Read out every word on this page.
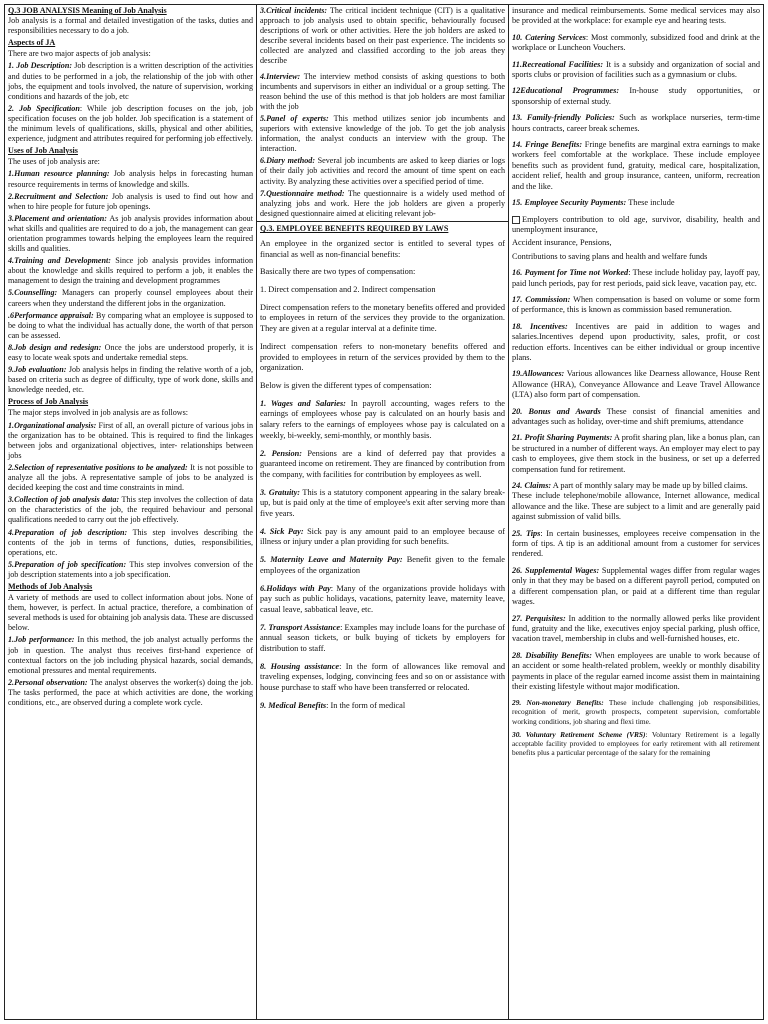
Q.3 JOB ANALYSIS Meaning of Job Analysis

Job analysis is a formal and detailed investigation of the tasks, duties and responsibilities necessary to do a job.

Aspects of JA

There are two major aspects of job analysis:

1. Job Description: Job description is a written description of the activities and duties to be performed in a job, the relationship of the job with other jobs, the equipment and tools involved, the nature of supervision, working conditions and hazards of the job, etc

2. Job Specification: While job description focuses on the job, job specification focuses on the job holder. Job specification is a statement of the minimum levels of qualifications, skills, physical and other abilities, experience, judgment and attributes required for performing job effectively.

Uses of Job Analysis

The uses of job analysis are:

1.Human resource planning: Job analysis helps in forecasting human resource requirements in terms of knowledge and skills.

2.Recruitment and Selection: Job analysis is used to find out how and when to hire people for future job openings.

3.Placement and orientation: As job analysis provides information about what skills and qualities are required to do a job, the management can gear orientation programmes towards helping the employees learn the required skills and qualities.

4.Training and Development: Since job analysis provides information about the knowledge and skills required to perform a job, it enables the management to design the training and development programmes

5.Counselling: Managers can properly counsel employees about their careers when they understand the different jobs in the organization.

.6Performance appraisal: By comparing what an employee is supposed to be doing to what the individual has actually done, the worth of that person can be assessed.

8.Job design and redesign: Once the jobs are understood properly, it is easy to locate weak spots and undertake remedial steps.

9.Job evaluation: Job analysis helps in finding the relative worth of a job, based on criteria such as degree of difficulty, type of work done, skills and knowledge needed, etc.

Process of Job Analysis

The major steps involved in job analysis are as follows:

1.Organizational analysis: First of all, an overall picture of various jobs in the organization has to be obtained. This is required to find the linkages between jobs and organizational objectives, inter- relationships between jobs

2.Selection of representative positions to be analyzed: It is not possible to analyze all the jobs. A representative sample of jobs to be analyzed is decided keeping the cost and time constraints in mind.

3.Collection of job analysis data: This step involves the collection of data on the characteristics of the job, the required behaviour and personal qualifications needed to carry out the job effectively.

4.Preparation of job description: This step involves describing the contents of the job in terms of functions, duties, responsibilities, operations, etc.

5.Preparation of job specification: This step involves conversion of the job description statements into a job specification.

Methods of Job Analysis

A variety of methods are used to collect information about jobs. None of them, however, is perfect. In actual practice, therefore, a combination of several methods is used for obtaining job analysis data. These are discussed below.

1.Job performance: In this method, the job analyst actually performs the job in question. The analyst thus receives first-hand experience of contextual factors on the job including physical hazards, social demands, emotional pressures and mental requirements.

2.Personal observation: The analyst observes the worker(s) doing the job. The tasks performed, the pace at which activities are done, the working conditions, etc., are observed during a complete work cycle.

3.Critical incidents: The critical incident technique (CIT) is a qualitative approach to job analysis used to obtain specific, behaviourally focused descriptions of work or other activities. Here the job holders are asked to describe several incidents based on their past experience. The incidents so collected are analyzed and classified according to the job areas they describe

4.Interview: The interview method consists of asking questions to both incumbents and supervisors in either an individual or a group setting. The reason behind the use of this method is that job holders are most familiar with the job

5.Panel of experts: This method utilizes senior job incumbents and superiors with extensive knowledge of the job. To get the job analysis information, the analyst conducts an interview with the group. The interaction.

6.Diary method: Several job incumbents are asked to keep diaries or logs of their daily job activities and record the amount of time spent on each activity. By analyzing these activities over a specified period of time.

7.Questionnaire method: The questionnaire is a widely used method of analyzing jobs and work. Here the job holders are given a properly designed questionnaire aimed at eliciting relevant job-

Q.3. EMPLOYEE BENEFITS REQUIRED BY LAWS

An employee in the organized sector is entitled to several types of financial as well as non-financial benefits:

Basically there are two types of compensation:

1. Direct compensation and 2. Indirect compensation

Direct compensation refers to the monetary benefits offered and provided to employees in return of the services they provide to the organization. They are given at a regular interval at a definite time.

Indirect compensation refers to non-monetary benefits offered and provided to employees in return of the services provided by them to the organization.

Below is given the different types of compensation:

1. Wages and Salaries: In payroll accounting, wages refers to the earnings of employees whose pay is calculated on an hourly basis and salary refers to the earnings of employees whose pay is calculated on a weekly, bi-weekly, semi-monthly, or monthly basis.

2. Pension: Pensions are a kind of deferred pay that provides a guaranteed income on retirement. They are financed by contribution from the company, with facilities for contribution by employees as well.

3. Gratuity: This is a statutory component appearing in the salary break-up, but is paid only at the time of employee's exit after serving more than five years.

4. Sick Pay: Sick pay is any amount paid to an employee because of illness or injury under a plan providing for such benefits.

5. Maternity Leave and Maternity Pay: Benefit given to the female employees of the organization

6.Holidays with Pay: Many of the organizations provide holidays with pay such as public holidays, vacations, paternity leave, maternity leave, casual leave, sabbatical leave, etc.

7. Transport Assistance: Examples may include loans for the purchase of annual season tickets, or bulk buying of tickets by employers for distribution to staff.

8. Housing assistance: In the form of allowances like removal and traveling expenses, lodging, convincing fees and so on or assistance with house purchase to staff who have been transferred or relocated.

9. Medical Benefits: In the form of medical

insurance and medical reimbursements. Some medical services may also be provided at the workplace: for example eye and hearing tests.

10. Catering Services: Most commonly, subsidized food and drink at the workplace or Luncheon Vouchers.

11.Recreational Facilities: It is a subsidy and organization of social and sports clubs or provision of facilities such as a gymnasium or clubs.

12Educational Programmes: In-house study opportunities, or sponsorship of external study.

13. Family-friendly Policies: Such as workplace nurseries, term-time hours contracts, career break schemes.

14. Fringe Benefits: Fringe benefits are marginal extra earnings to make workers feel comfortable at the workplace. These include employee benefits such as provident fund, gratuity, medical care, hospitalization, accident relief, health and group insurance, canteen, uniform, recreation and the like.

15. Employee Security Payments: These include

Employers contribution to old age, survivor, disability, health and unemployment insurance,

Accident insurance, Pensions,

Contributions to saving plans and health and welfare funds

16. Payment for Time not Worked: These include holiday pay, layoff pay, paid lunch periods, pay for rest periods, paid sick leave, vacation pay, etc.

17. Commission: When compensation is based on volume or some form of performance, this is known as commission based remuneration.

18. Incentives: Incentives are paid in addition to wages and salaries.Incentives depend upon productivity, sales, profit, or cost reduction efforts. Incentives can be either individual or group incentive plans.

19.Allowances: Various allowances like Dearness allowance, House Rent Allowance (HRA), Conveyance Allowance and Leave Travel Allowance (LTA) also form part of compensation.

20. Bonus and Awards These consist of financial amenities and advantages such as holiday, over-time and shift premiums, attendance

21. Profit Sharing Payments: A profit sharing plan, like a bonus plan, can be structured in a number of different ways. An employer may elect to pay cash to employees, give them stock in the business, or set up a deferred compensation fund for retirement.

24. Claims: A part of monthly salary may be made up by billed claims.

These include telephone/mobile allowance, Internet allowance, medical allowance and the like. These are subject to a limit and are generally paid against submission of valid bills.

25. Tips: In certain businesses, employees receive compensation in the form of tips. A tip is an additional amount from a customer for services rendered.

26. Supplemental Wages: Supplemental wages differ from regular wages only in that they may be based on a different payroll period, computed on a different compensation plan, or paid at a different time than regular wages.

27. Perquisites: In addition to the normally allowed perks like provident fund, gratuity and the like, executives enjoy special parking, plush office, vacation travel, membership in clubs and well-furnished houses, etc.

28. Disability Benefits: When employees are unable to work because of an accident or some health-related problem, weekly or monthly disability payments in place of the regular earned income assist them in maintaining their existing lifestyle without major modification.

29. Non-monetary Benefits: These include challenging job responsibilities, recognition of merit, growth prospects, competent supervision, comfortable working conditions, job sharing and flexi time.

30. Voluntary Retirement Scheme (VRS): Voluntary Retirement is a legally acceptable facility provided to employees for early retirement with all retirement benefits plus a particular percentage of the salary for the remaining
